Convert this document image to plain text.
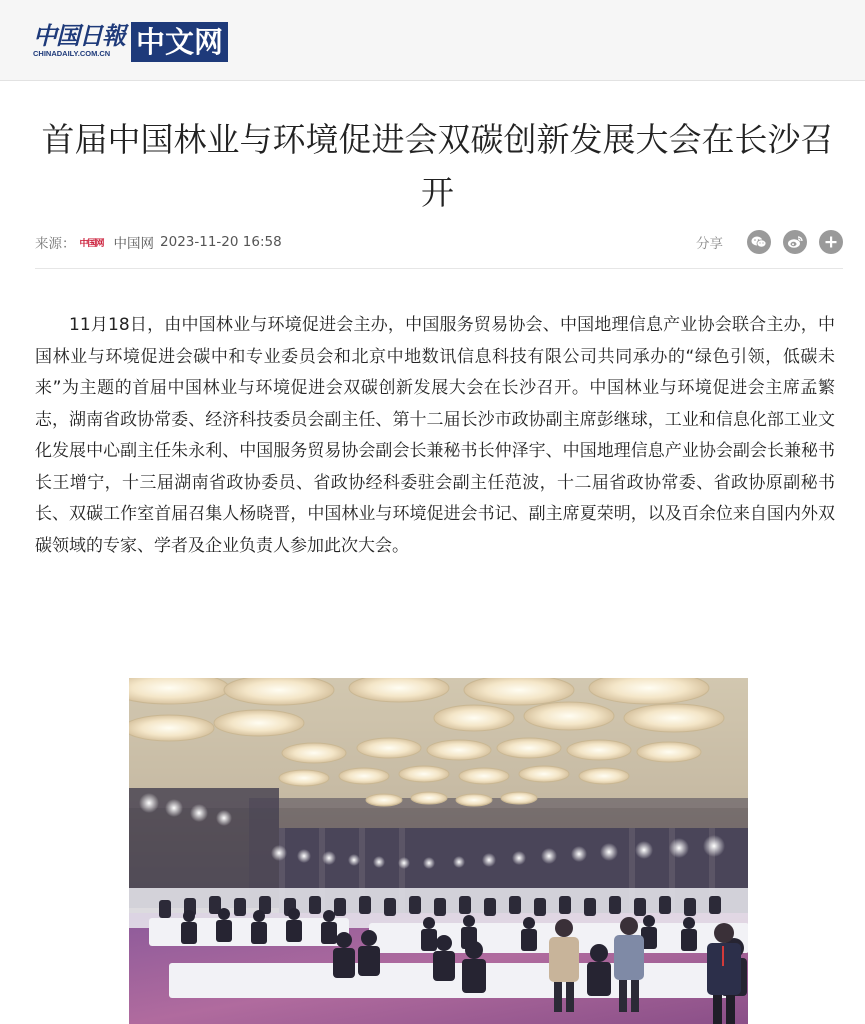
中国日報
CHINADAILY.COM.CN 中文网
首届中国林业与环境促进会双碳创新发展大会在长沙召开
来源： 中国网 中国网 2023-11-20 16:58	分享

11月18日，由中国林业与环境促进会主办，中国服务贸易协会、中国地理信息产业协会联合主办，中国林业与环境促进会碳中和专业委员会和北京中地数讯信息科技有限公司共同承办的“绿色引领，低碳未来”为主题的首届中国林业与环境促进会双碳创新发展大会在长沙召开。中国林业与环境促进会主席孟繁志，湖南省政协常委、经济科技委员会副主任、第十二届长沙市政协副主席彭继球，工业和信息化部工业文化发展中心副主任朱永利、中国服务贸易协会副会长兼秘书长仲泽宇、中国地理信息产业协会副会长兼秘书长王增宁，十三届湖南省政协委员、省政协经科委驻会副主任范波，十二届省政协常委、省政协原副秘书长、双碳工作室首届召集人杨晓晋，中国林业与环境促进会书记、副主席夏荣明，以及百余位来自国内外双碳领域的专家、学者及企业负责人参加此次大会。
